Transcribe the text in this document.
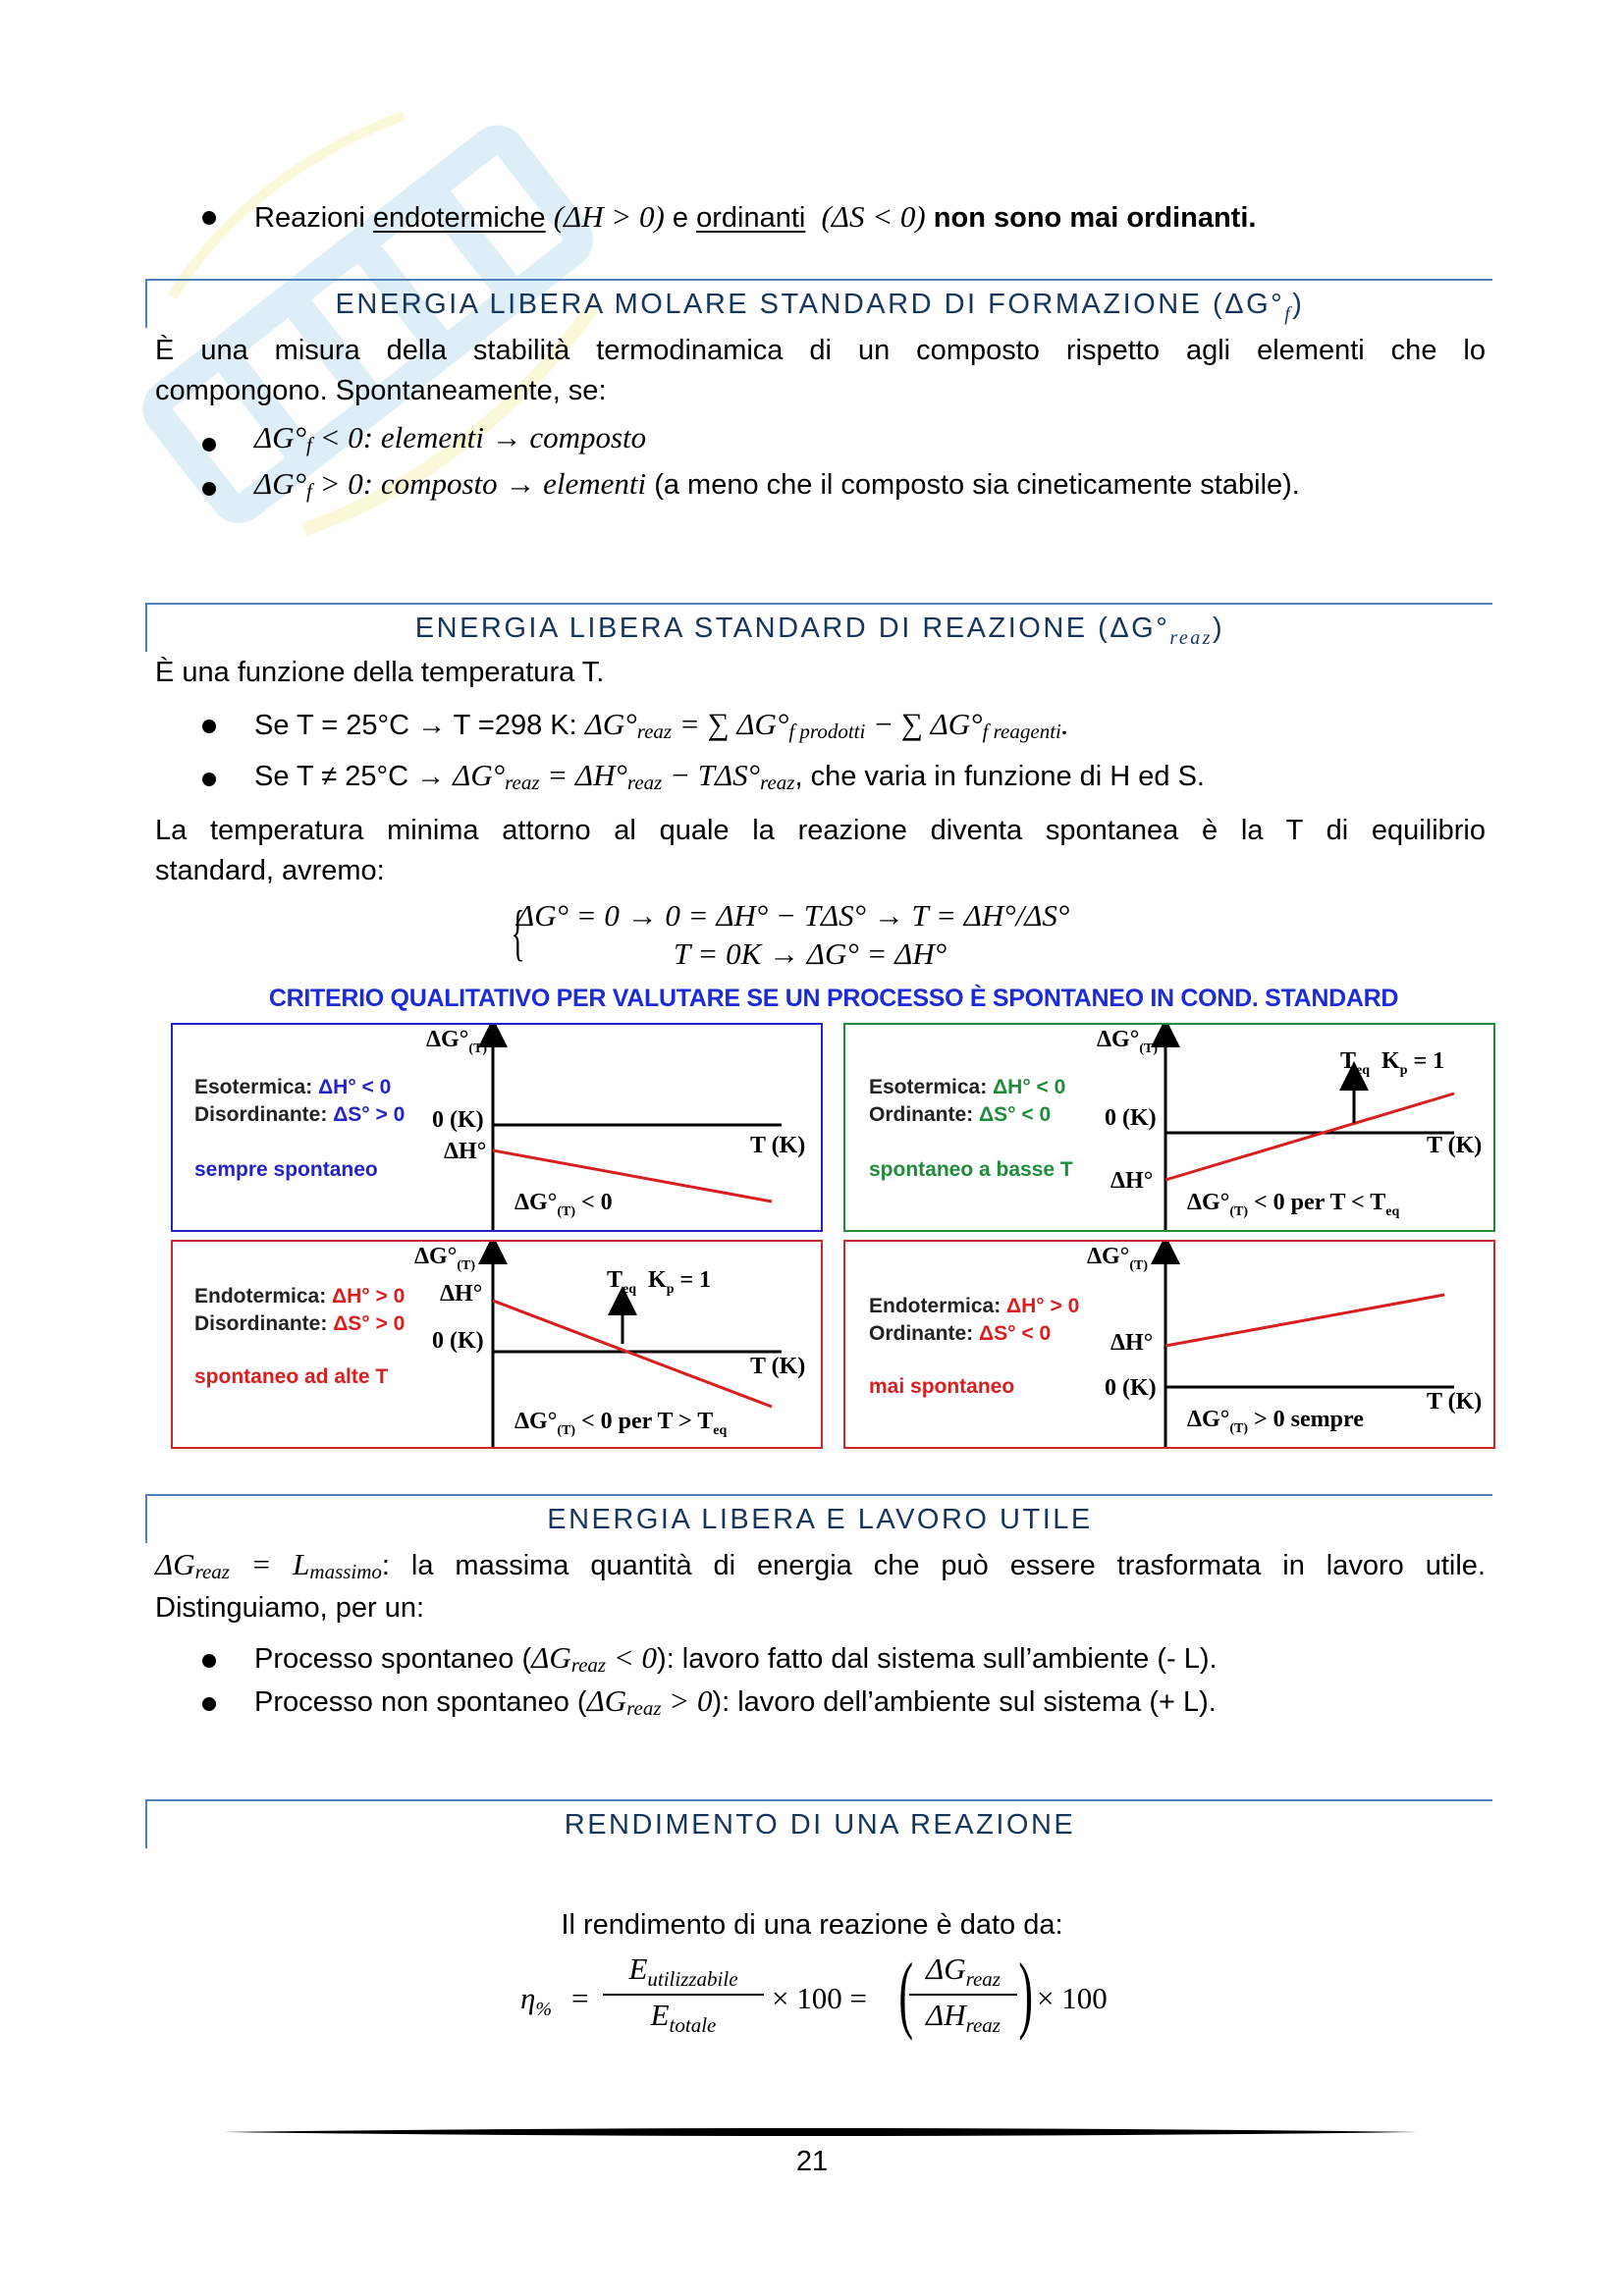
Reazioni endotermiche (ΔH > 0) e ordinanti (ΔS < 0) non sono mai ordinanti.
ENERGIA LIBERA MOLARE STANDARD DI FORMAZIONE $(\Delta G^\circ_f)$
È una misura della stabilità termodinamica di un composto rispetto agli elementi che lo
compongono. Spontaneamente, se:
$\Delta G^\circ_f < 0$: elementi → composto
$\Delta G^\circ_f > 0$: composto → elementi (a meno che il composto sia cineticamente stabile).
ENERGIA LIBERA STANDARD DI REAZIONE $(\Delta G^\circ_{reaz})$
È una funzione della temperatura T.
Se T = 25°C → T =298 K: $\Delta G^\circ_{reaz}$ = ∑ $\Delta G^\circ_{f prodotti}$ − ∑ $\Delta G^\circ_{f reagenti}$.
Se $T \ne 25^\circ C \to \Delta G^\circ_{reaz} = \Delta H^\circ_{reaz} - T\Delta S^\circ_{reaz}$, che varia in funzione di H ed S.
La temperatura minima attorno al quale la reazione diventa spontanea è la T di equilibrio
standard, avremo:
{
ΔG° = 0 → 0 = ΔH° − TΔS° → T = ΔH°/ΔS°
T = 0K → ΔG° = ΔH°
CRITERIO QUALITATIVO PER VALUTARE SE UN PROCESSO È SPONTANEO IN COND. STANDARD
Esotermica: ΔH° < 0
Disordinante: ΔS° > 0
sempre spontaneo
$\Delta G^\circ_{(T)}$
0 (K)
ΔH°	T (K)
$\Delta G^\circ_{(T)} < 0$
Esotermica: ΔH° < 0
Ordinante: ΔS° < 0
spontaneo a basse T
$\Delta G^\circ_{(T)}$
0 (K)
ΔH°
T (K)
$T_{eq}$ $K_p = 1$
$\Delta G^\circ_{(T)} < 0$ per $T < T_{eq}$
Endotermica: ΔH° > 0
Disordinante: ΔS° > 0
spontaneo ad alte T
$\Delta G^\circ_{(T)}$
ΔH°
0 (K)
T (K)
$T_{eq}$ $K_p = 1$
$\Delta G^\circ_{(T)} < 0$ per $T > T_{eq}$
Endotermica: ΔH° > 0
Ordinante: ΔS° < 0
mai spontaneo
$\Delta G^\circ_{(T)}$
ΔH°
0 (K)
T (K)
$\Delta G^\circ_{(T)} > 0$ sempre
ENERGIA LIBERA E LAVORO UTILE
$\Delta G_{reaz} = L_{massimo}$: la massima quantità di energia che può essere trasformata in lavoro utile.
Distinguiamo, per un:
Processo spontaneo $(\Delta G_{reaz} < 0)$: lavoro fatto dal sistema sull’ambiente (- L).
Processo non spontaneo $(\Delta G_{reaz} > 0)$: lavoro dell’ambiente sul sistema (+ L).
RENDIMENTO DI UNA REAZIONE
Il rendimento di una reazione è dato da:
$\eta_{\%}$ =
$E_{utilizzabile}$
$E_{totale}$
× 100 = ( $\Delta G_{reaz}$
$\Delta H_{reaz}$ ) × 100
21
